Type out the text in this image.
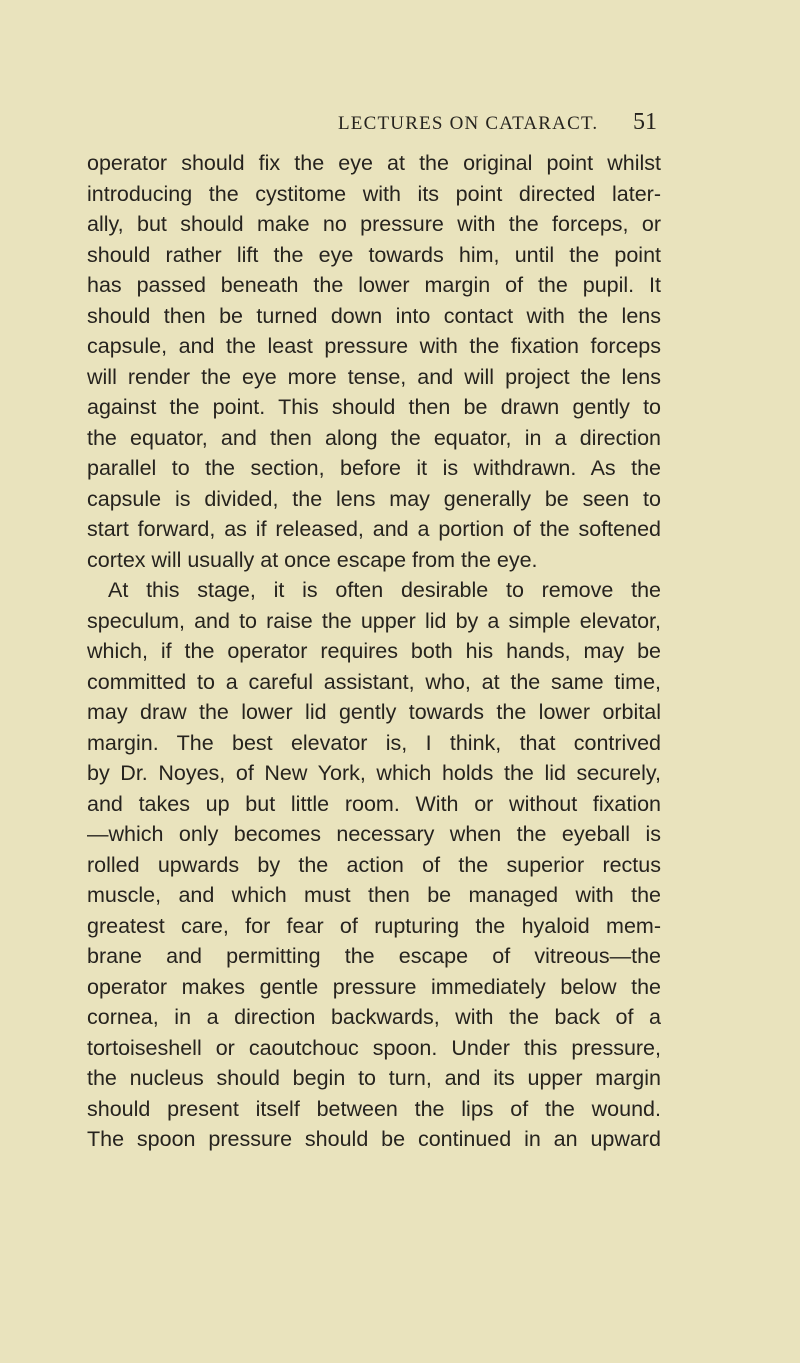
LECTURES ON CATARACT. 51
operator should fix the eye at the original point whilst
introducing the cystitome with its point directed later-
ally, but should make no pressure with the forceps, or
should rather lift the eye towards him, until the point
has passed beneath the lower margin of the pupil. It
should then be turned down into contact with the lens
capsule, and the least pressure with the fixation forceps
will render the eye more tense, and will project the lens
against the point. This should then be drawn gently to
the equator, and then along the equator, in a direction
parallel to the section, before it is withdrawn. As the
capsule is divided, the lens may generally be seen to
start forward, as if released, and a portion of the softened
cortex will usually at once escape from the eye.
At this stage, it is often desirable to remove the
speculum, and to raise the upper lid by a simple elevator,
which, if the operator requires both his hands, may be
committed to a careful assistant, who, at the same time,
may draw the lower lid gently towards the lower orbital
margin. The best elevator is, I think, that contrived
by Dr. Noyes, of New York, which holds the lid securely,
and takes up but little room. With or without fixation
—which only becomes necessary when the eyeball is
rolled upwards by the action of the superior rectus
muscle, and which must then be managed with the
greatest care, for fear of rupturing the hyaloid mem-
brane and permitting the escape of vitreous—the
operator makes gentle pressure immediately below the
cornea, in a direction backwards, with the back of a
tortoiseshell or caoutchouc spoon. Under this pressure,
the nucleus should begin to turn, and its upper margin
should present itself between the lips of the wound.
The spoon pressure should be continued in an upward
